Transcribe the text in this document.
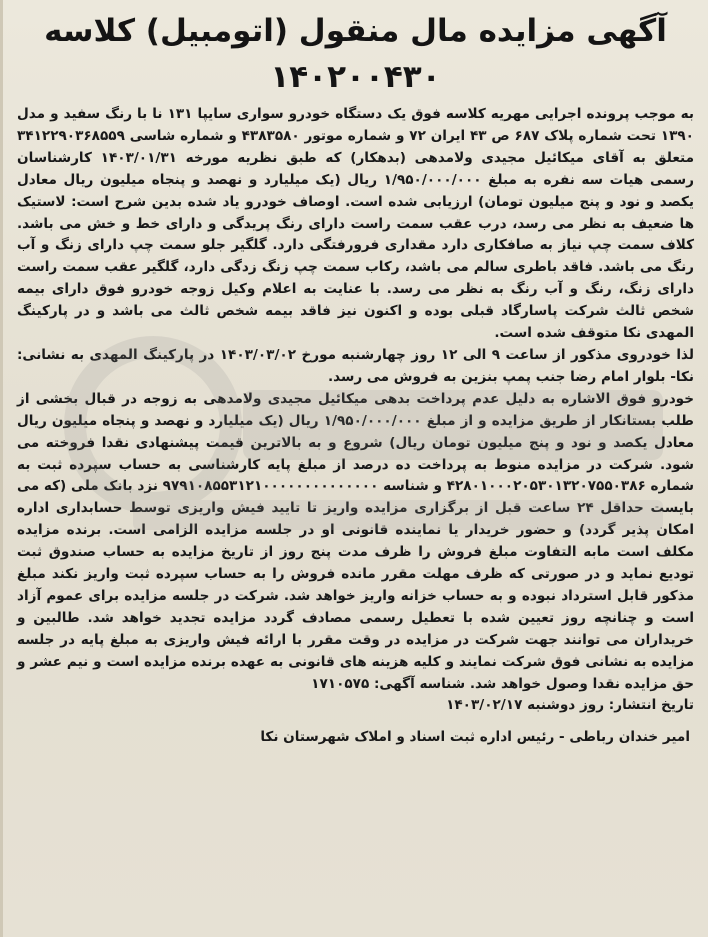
آگهی مزایده مال منقول (اتومبیل) کلاسه ۱۴۰۲۰۰۴۳۰

به موجب پرونده اجرایی مهریه کلاسه فوق یک دستگاه خودرو سواری سایپا ۱۳۱ ﻧﺎ با رنگ سفید و مدل ۱۳۹۰ تحت شماره پلاک ۶۸۷ ص ۴۳ ایران ۷۲ و شماره موتور ۴۳۸۳۵۸۰ و شماره شاسی ۳۴۱۲۲۹۰۳۶۸۵۵۹ متعلق به آقای میکائیل مجیدی ولامدهی (بدهکار) که طبق نظریه مورخه ۱۴۰۳/۰۱/۳۱ کارشناسان رسمی هیات سه نفره به مبلغ ۱/۹۵۰/۰۰۰/۰۰۰ ریال (یک میلیارد و نهصد و پنجاه میلیون ریال معادل یکصد و نود و پنج میلیون تومان) ارزیابی شده است. اوصاف خودرو یاد شده بدین شرح است: لاستیک ها ضعیف به نظر می رسد، درب عقب سمت راست دارای رنگ پریدگی و دارای خط و خش می باشد. کلاف سمت چپ نیاز به صافکاری دارد مقداری فرورفتگی دارد. گلگیر جلو سمت چپ دارای زنگ و آب رنگ می باشد. فاقد باطری سالم می باشد، رکاب سمت چپ زنگ زدگی دارد، گلگیر عقب سمت راست دارای زنگ، رنگ و آب رنگ به نظر می رسد. با عنایت به اعلام وکیل زوجه خودرو فوق دارای بیمه شخص ثالث شرکت پاسارگاد قبلی بوده و اکنون نیز فاقد بیمه شخص ثالث می باشد و در پارکینگ المهدی نکا متوقف شده است.

لذا خودروی مذکور از ساعت ۹ الی ۱۲ روز چهارشنبه مورخ ۱۴۰۳/۰۳/۰۲ در پارکینگ المهدی به نشانی: نکا- بلوار امام رضا جنب پمپ بنزین به فروش می رسد.

خودرو فوق الاشاره به دلیل عدم پرداخت بدهی میکائیل مجیدی ولامدهی به زوجه در قبال بخشی از طلب بستانکار از طریق مزایده و از مبلغ ۱/۹۵۰/۰۰۰/۰۰۰ ریال (یک میلیارد و نهصد و پنجاه میلیون ریال معادل یکصد و نود و پنج میلیون تومان ریال) شروع و به بالاترین قیمت پیشنهادی نقدا فروخته می شود. شرکت در مزایده منوط به پرداخت ده درصد از مبلغ پایه کارشناسی به حساب سپرده ثبت به شماره ۴۲۸۰۱۰۰۰۲۰۵۳۰۱۳۲۰۷۵۵۰۳۸۶ و شناسه ۹۷۹۱۰۸۵۵۳۱۲۱۰۰۰۰۰۰۰۰۰۰۰۰۰۰ نزد بانک ملی (که می بایست حداقل ۲۴ ساعت قبل از برگزاری مزایده واریز تا تایید فیش واریزی توسط حسابداری اداره امکان پذیر گردد) و حضور خریدار یا نماینده قانونی او در جلسه مزایده الزامی است. برنده مزایده مکلف است مابه التفاوت مبلغ فروش را ظرف مدت پنج روز از تاریخ مزایده به حساب صندوق ثبت تودیع نماید و در صورتی که ظرف مهلت مقرر مانده فروش را به حساب سپرده ثبت واریز نکند مبلغ مذکور قابل استرداد نبوده و به حساب خزانه واریز خواهد شد. شرکت در جلسه مزایده برای عموم آزاد است و چنانچه روز تعیین شده با تعطیل رسمی مصادف گردد مزایده تجدید خواهد شد. طالبین و خریداران می توانند جهت شرکت در مزایده در وقت مقرر با ارائه فیش واریزی به مبلغ پایه در جلسه مزایده به نشانی فوق شرکت نمایند و کلیه هزینه های قانونی به عهده برنده مزایده است و نیم عشر و حق مزایده نقدا وصول خواهد شد. شناسه آگهی: ۱۷۱۰۵۷۵

تاریخ انتشار: روز دوشنبه ۱۴۰۳/۰۲/۱۷

امیر خندان رباطی - رئیس اداره ثبت اسناد و املاک شهرستان نکا
